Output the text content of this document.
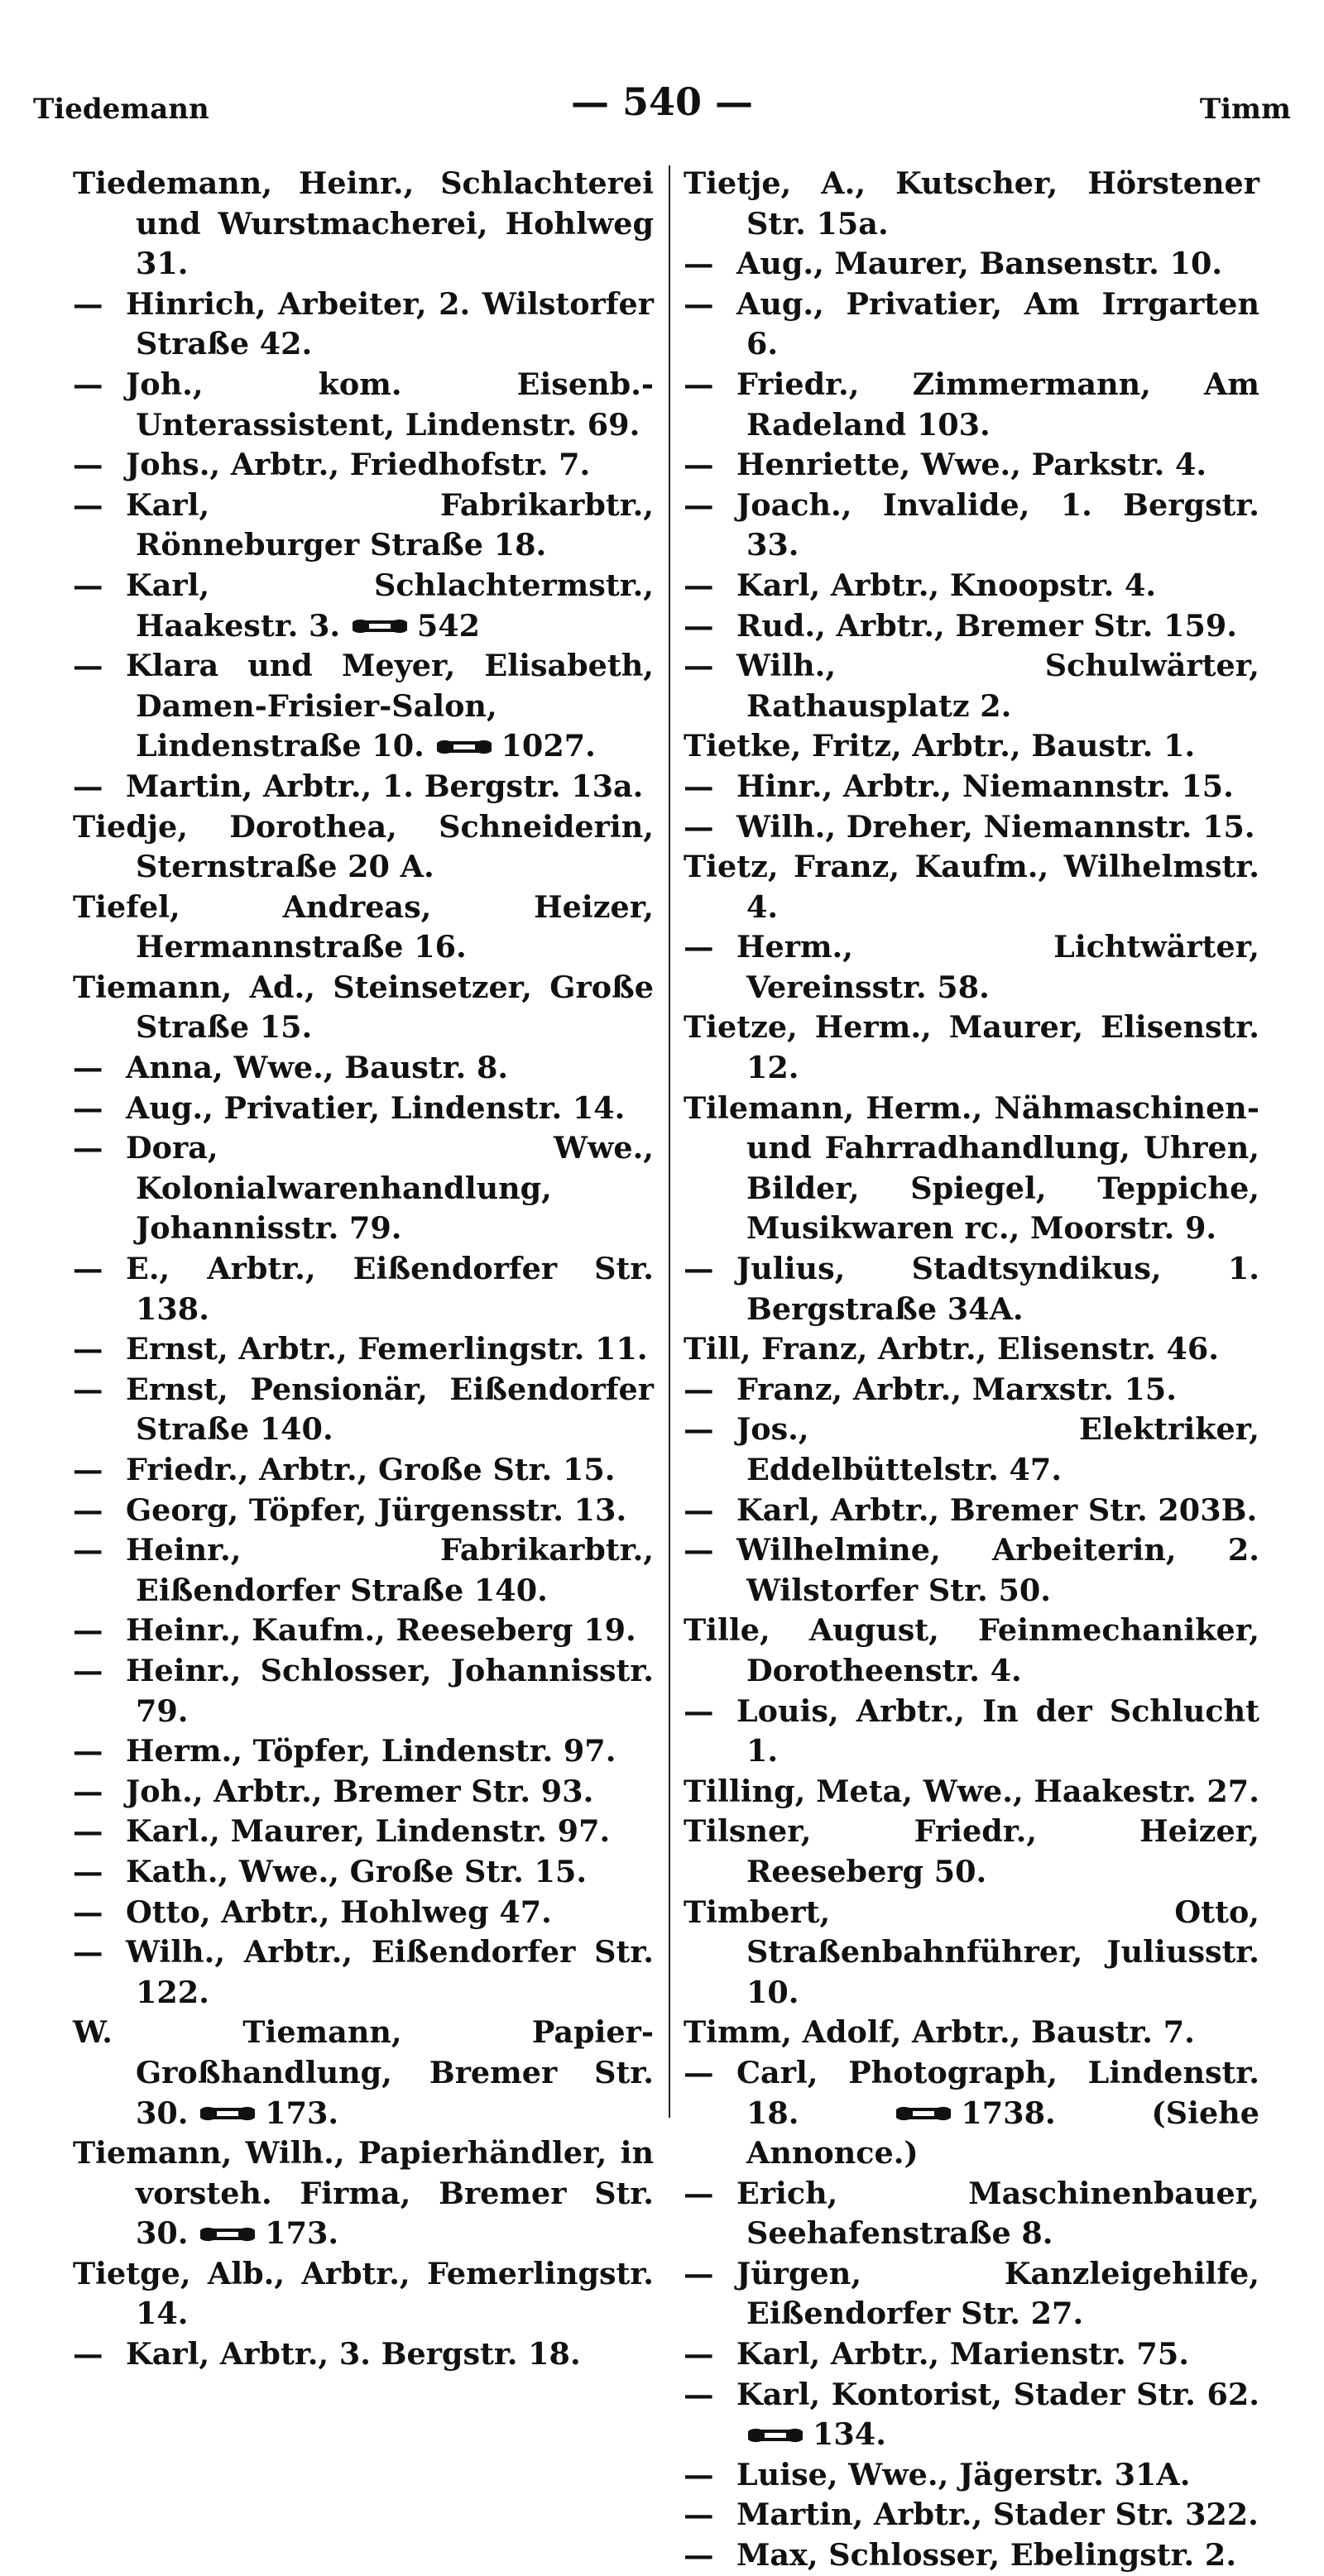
Tiedemann	— 540 —	Timm

Tiedemann, Heinr., Schlachterei und Wurstmacherei, Hohlweg 31.

— Hinrich, Arbeiter, 2. Wilstorfer Straße 42.

— Joh., kom. Eisenb.-Unterassistent, Lindenstr. 69.

— Johs., Arbtr., Friedhofstr. 7.

— Karl, Fabrikarbtr., Rönneburger Straße 18.

— Karl, Schlachtermstr., Haakestr. 3.	542

— Klara und Meyer, Elisabeth, Damen-Frisier-Salon, Lindenstraße 10.	1027.

— Martin, Arbtr., 1. Bergstr. 13a.

Tiedje, Dorothea, Schneiderin, Sternstraße 20 A.

Tiefel, Andreas, Heizer, Hermannstraße 16.

Tiemann, Ad., Steinsetzer, Große Straße 15.

— Anna, Wwe., Baustr. 8.

— Aug., Privatier, Lindenstr. 14.

— Dora, Wwe., Kolonialwarenhandlung, Johannisstr. 79.

— E., Arbtr., Eißendorfer Str. 138.

— Ernst, Arbtr., Femerlingstr. 11.

— Ernst, Pensionär, Eißendorfer Straße 140.

— Friedr., Arbtr., Große Str. 15.

— Georg, Töpfer, Jürgensstr. 13.

— Heinr., Fabrikarbtr., Eißendorfer Straße 140.

— Heinr., Kaufm., Reeseberg 19.

— Heinr., Schlosser, Johannisstr. 79.

— Herm., Töpfer, Lindenstr. 97.

— Joh., Arbtr., Bremer Str. 93.

— Karl., Maurer, Lindenstr. 97.

— Kath., Wwe., Große Str. 15.

— Otto, Arbtr., Hohlweg 47.

— Wilh., Arbtr., Eißendorfer Str. 122.

W. Tiemann, Papier-Großhandlung, Bremer Str. 30.	173.

Tiemann, Wilh., Papierhändler, in vorsteh. Firma, Bremer Str. 30.	173.

Tietge, Alb., Arbtr., Femerlingstr. 14.

— Karl, Arbtr., 3. Bergstr. 18.

Tietje, A., Kutscher, Hörstener Str. 15a.

— Aug., Maurer, Bansenstr. 10.

— Aug., Privatier, Am Irrgarten 6.

— Friedr., Zimmermann, Am Radeland 103.

— Henriette, Wwe., Parkstr. 4.

— Joach., Invalide, 1. Bergstr. 33.

— Karl, Arbtr., Knoopstr. 4.

— Rud., Arbtr., Bremer Str. 159.

— Wilh., Schulwärter, Rathausplatz 2.

Tietke, Fritz, Arbtr., Baustr. 1.

— Hinr., Arbtr., Niemannstr. 15.

— Wilh., Dreher, Niemannstr. 15.

Tietz, Franz, Kaufm., Wilhelmstr. 4.

— Herm., Lichtwärter, Vereinsstr. 58.

Tietze, Herm., Maurer, Elisenstr. 12.

Tilemann, Herm., Nähmaschinen- und Fahrradhandlung, Uhren, Bilder, Spiegel, Teppiche, Musikwaren rc., Moorstr. 9.

— Julius, Stadtsyndikus, 1. Bergstraße 34A.

Till, Franz, Arbtr., Elisenstr. 46.

— Franz, Arbtr., Marxstr. 15.

— Jos., Elektriker, Eddelbüttelstr. 47.

— Karl, Arbtr., Bremer Str. 203B.

— Wilhelmine, Arbeiterin, 2. Wilstorfer Str. 50.

Tille, August, Feinmechaniker, Dorotheenstr. 4.

— Louis, Arbtr., In der Schlucht 1.

Tilling, Meta, Wwe., Haakestr. 27.

Tilsner, Friedr., Heizer, Reeseberg 50.

Timbert, Otto, Straßenbahnführer, Juliusstr. 10.

Timm, Adolf, Arbtr., Baustr. 7.

— Carl, Photograph, Lindenstr. 18.	1738. (Siehe Annonce.)

— Erich, Maschinenbauer, Seehafenstraße 8.

— Jürgen, Kanzleigehilfe, Eißendorfer Str. 27.

— Karl, Arbtr., Marienstr. 75.

— Karl, Kontorist, Stader Str. 62. 134.

— Luise, Wwe., Jägerstr. 31A.

— Martin, Arbtr., Stader Str. 322.

— Max, Schlosser, Ebelingstr. 2.
